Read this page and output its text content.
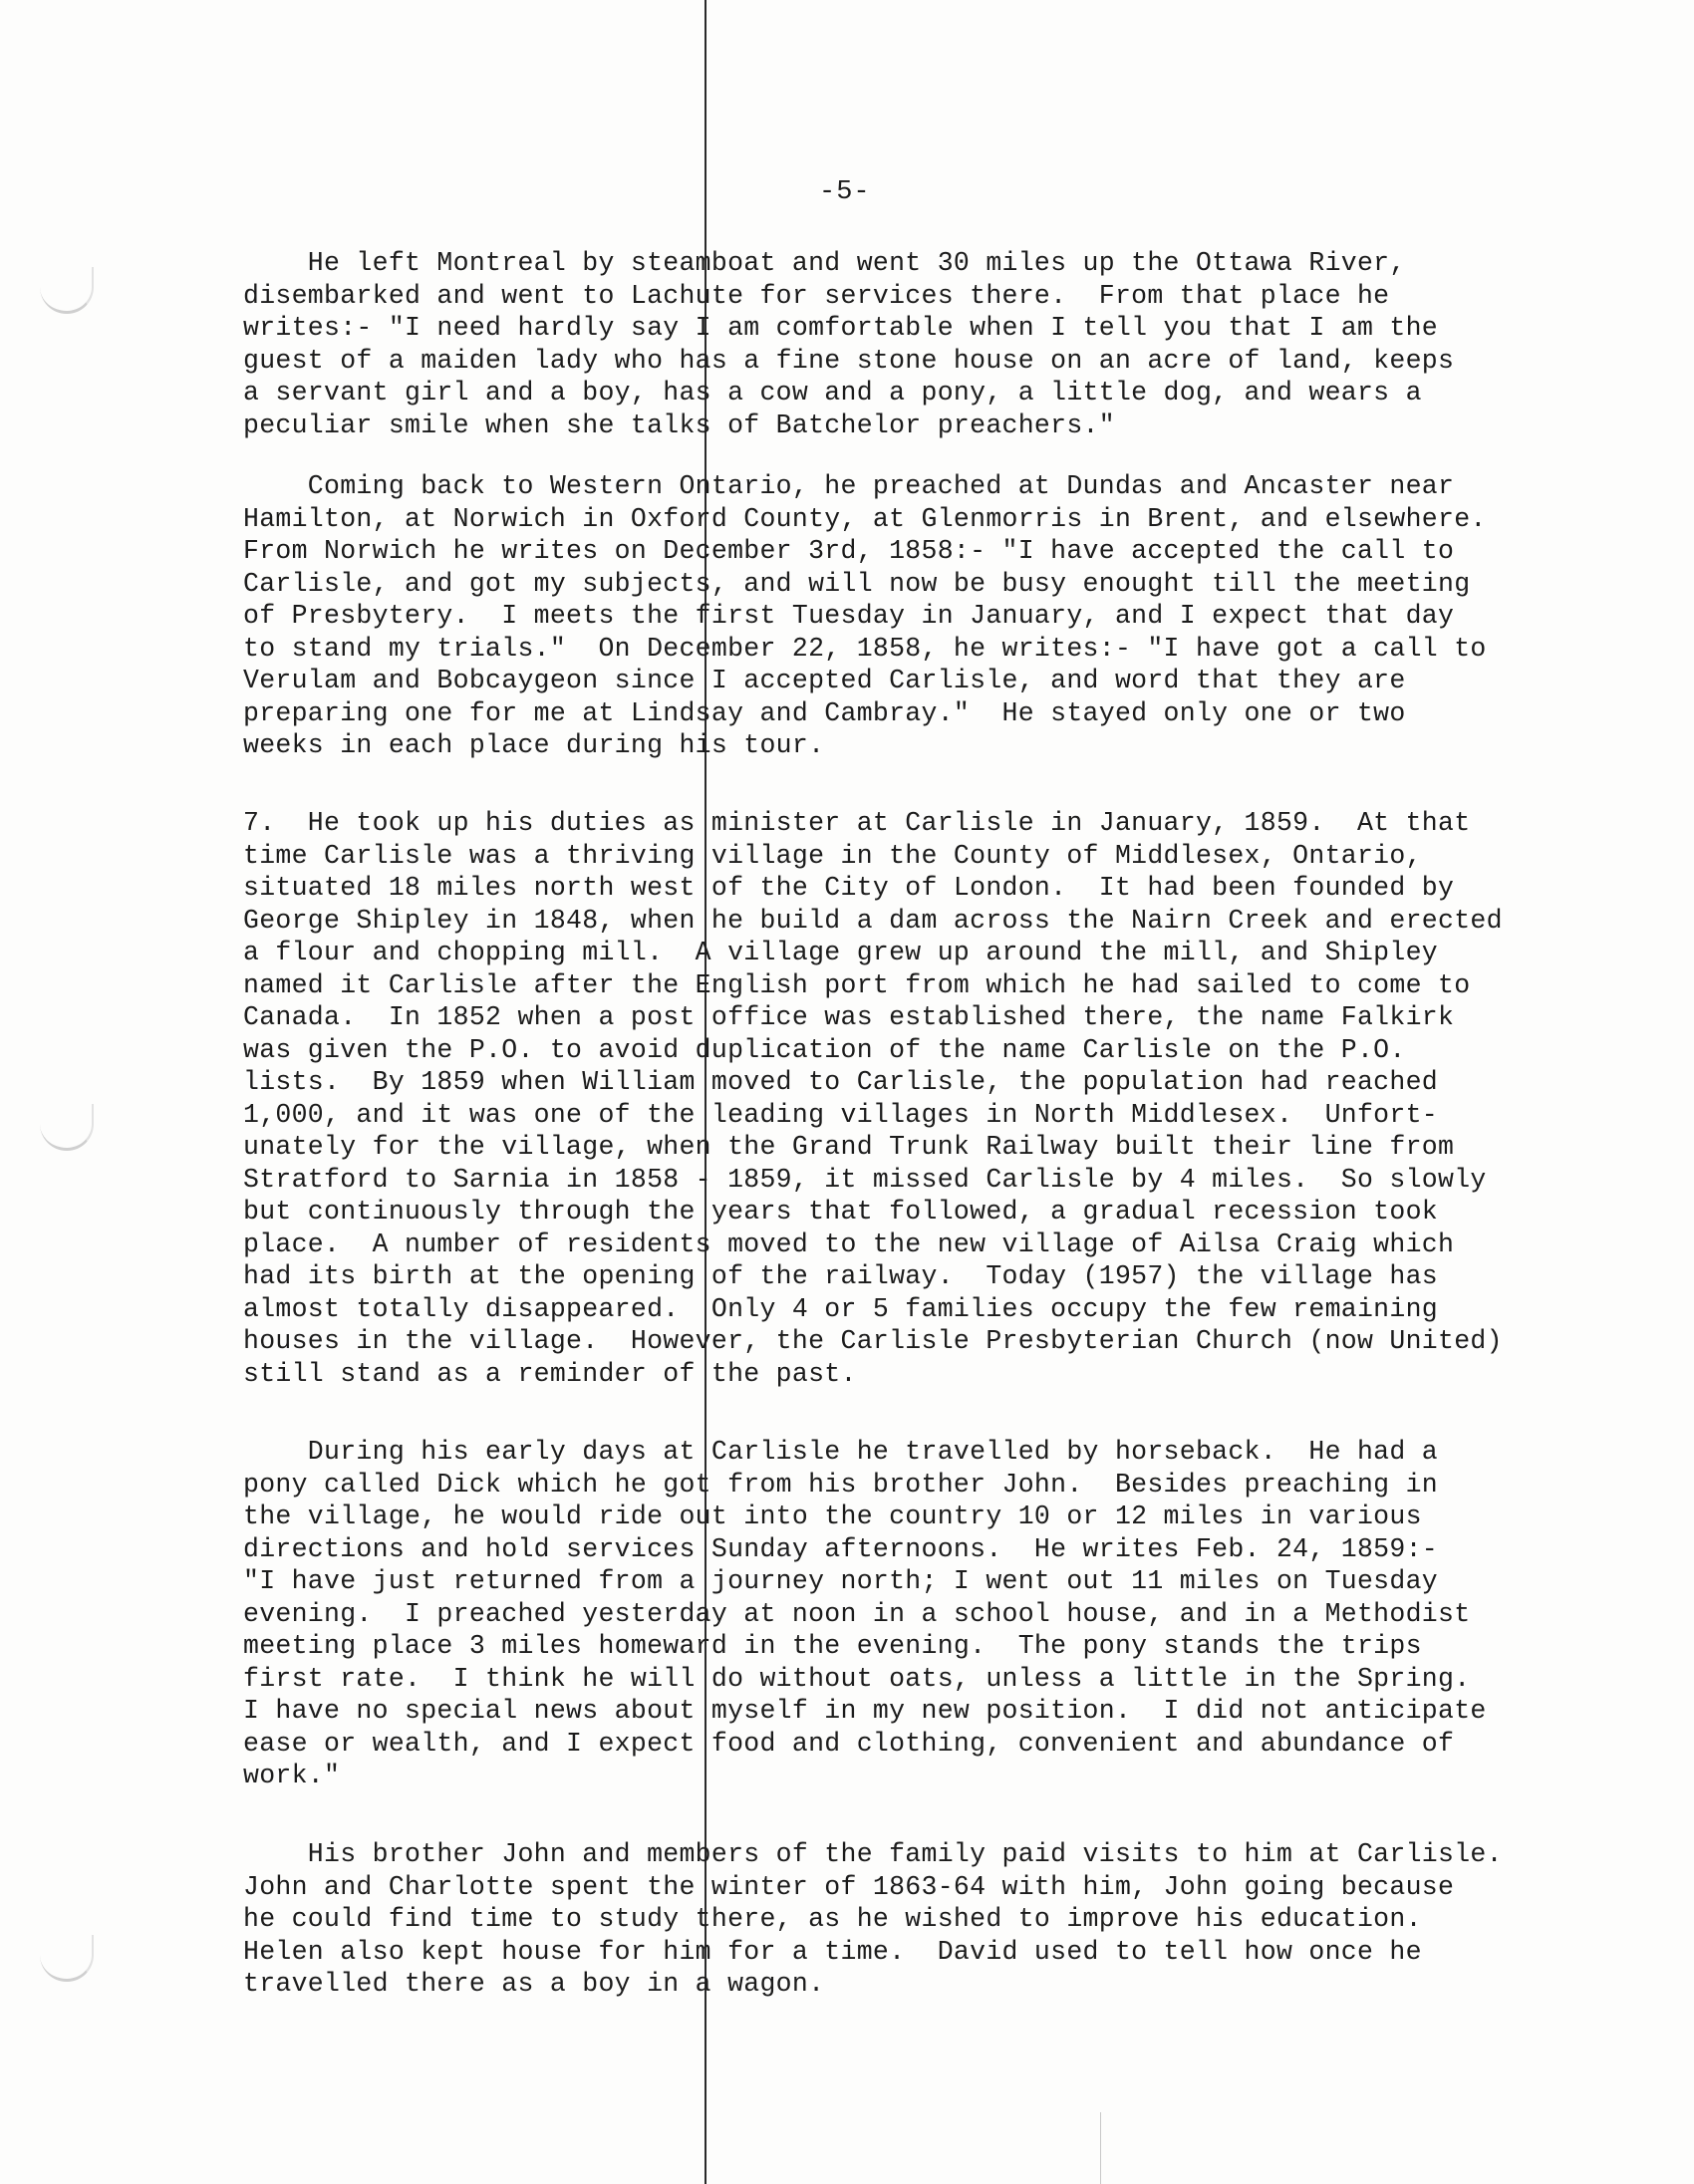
-5-

He left Montreal by steamboat and went 30 miles up the Ottawa River,
disembarked and went to Lachute for services there.  From that place he
writes:- "I need hardly say I am comfortable when I tell you that I am the
guest of a maiden lady who has a fine stone house on an acre of land, keeps
a servant girl and a boy, has a cow and a pony, a little dog, and wears a
peculiar smile when she talks of Batchelor preachers."

Coming back to Western Ontario, he preached at Dundas and Ancaster near
Hamilton, at Norwich in Oxford County, at Glenmorris in Brent, and elsewhere.
From Norwich he writes on December 3rd, 1858:- "I have accepted the call to
Carlisle, and got my subjects, and will now be busy enought till the meeting
of Presbytery.  I meets the first Tuesday in January, and I expect that day
to stand my trials."  On December 22, 1858, he writes:- "I have got a call to
Verulam and Bobcaygeon since I accepted Carlisle, and word that they are
preparing one for me at Lindsay and Cambray."  He stayed only one or two
weeks in each place during his tour.

7.  He took up his duties as minister at Carlisle in January, 1859.  At that
time Carlisle was a thriving village in the County of Middlesex, Ontario,
situated 18 miles north west of the City of London.  It had been founded by
George Shipley in 1848, when he build a dam across the Nairn Creek and erected
a flour and chopping mill.  A village grew up around the mill, and Shipley
named it Carlisle after the English port from which he had sailed to come to
Canada.  In 1852 when a post office was established there, the name Falkirk
was given the P.O. to avoid duplication of the name Carlisle on the P.O.
lists.  By 1859 when William moved to Carlisle, the population had reached
1,000, and it was one of the leading villages in North Middlesex.  Unfort-
unately for the village, when the Grand Trunk Railway built their line from
Stratford to Sarnia in 1858 - 1859, it missed Carlisle by 4 miles.  So slowly
but continuously through the years that followed, a gradual recession took
place.  A number of residents moved to the new village of Ailsa Craig which
had its birth at the opening of the railway.  Today (1957) the village has
almost totally disappeared.  Only 4 or 5 families occupy the few remaining
houses in the village.  However, the Carlisle Presbyterian Church (now United)
still stand as a reminder of the past.

During his early days at Carlisle he travelled by horseback.  He had a
pony called Dick which he got from his brother John.  Besides preaching in
the village, he would ride out into the country 10 or 12 miles in various
directions and hold services Sunday afternoons.  He writes Feb. 24, 1859:-
"I have just returned from a journey north; I went out 11 miles on Tuesday
evening.  I preached yesterday at noon in a school house, and in a Methodist
meeting place 3 miles homeward in the evening.  The pony stands the trips
first rate.  I think he will do without oats, unless a little in the Spring.
I have no special news about myself in my new position.  I did not anticipate
ease or wealth, and I expect food and clothing, convenient and abundance of
work."

His brother John and members of the family paid visits to him at Carlisle.
John and Charlotte spent the winter of 1863-64 with him, John going because
he could find time to study there, as he wished to improve his education.
Helen also kept house for him for a time.  David used to tell how once he
travelled there as a boy in a wagon.
